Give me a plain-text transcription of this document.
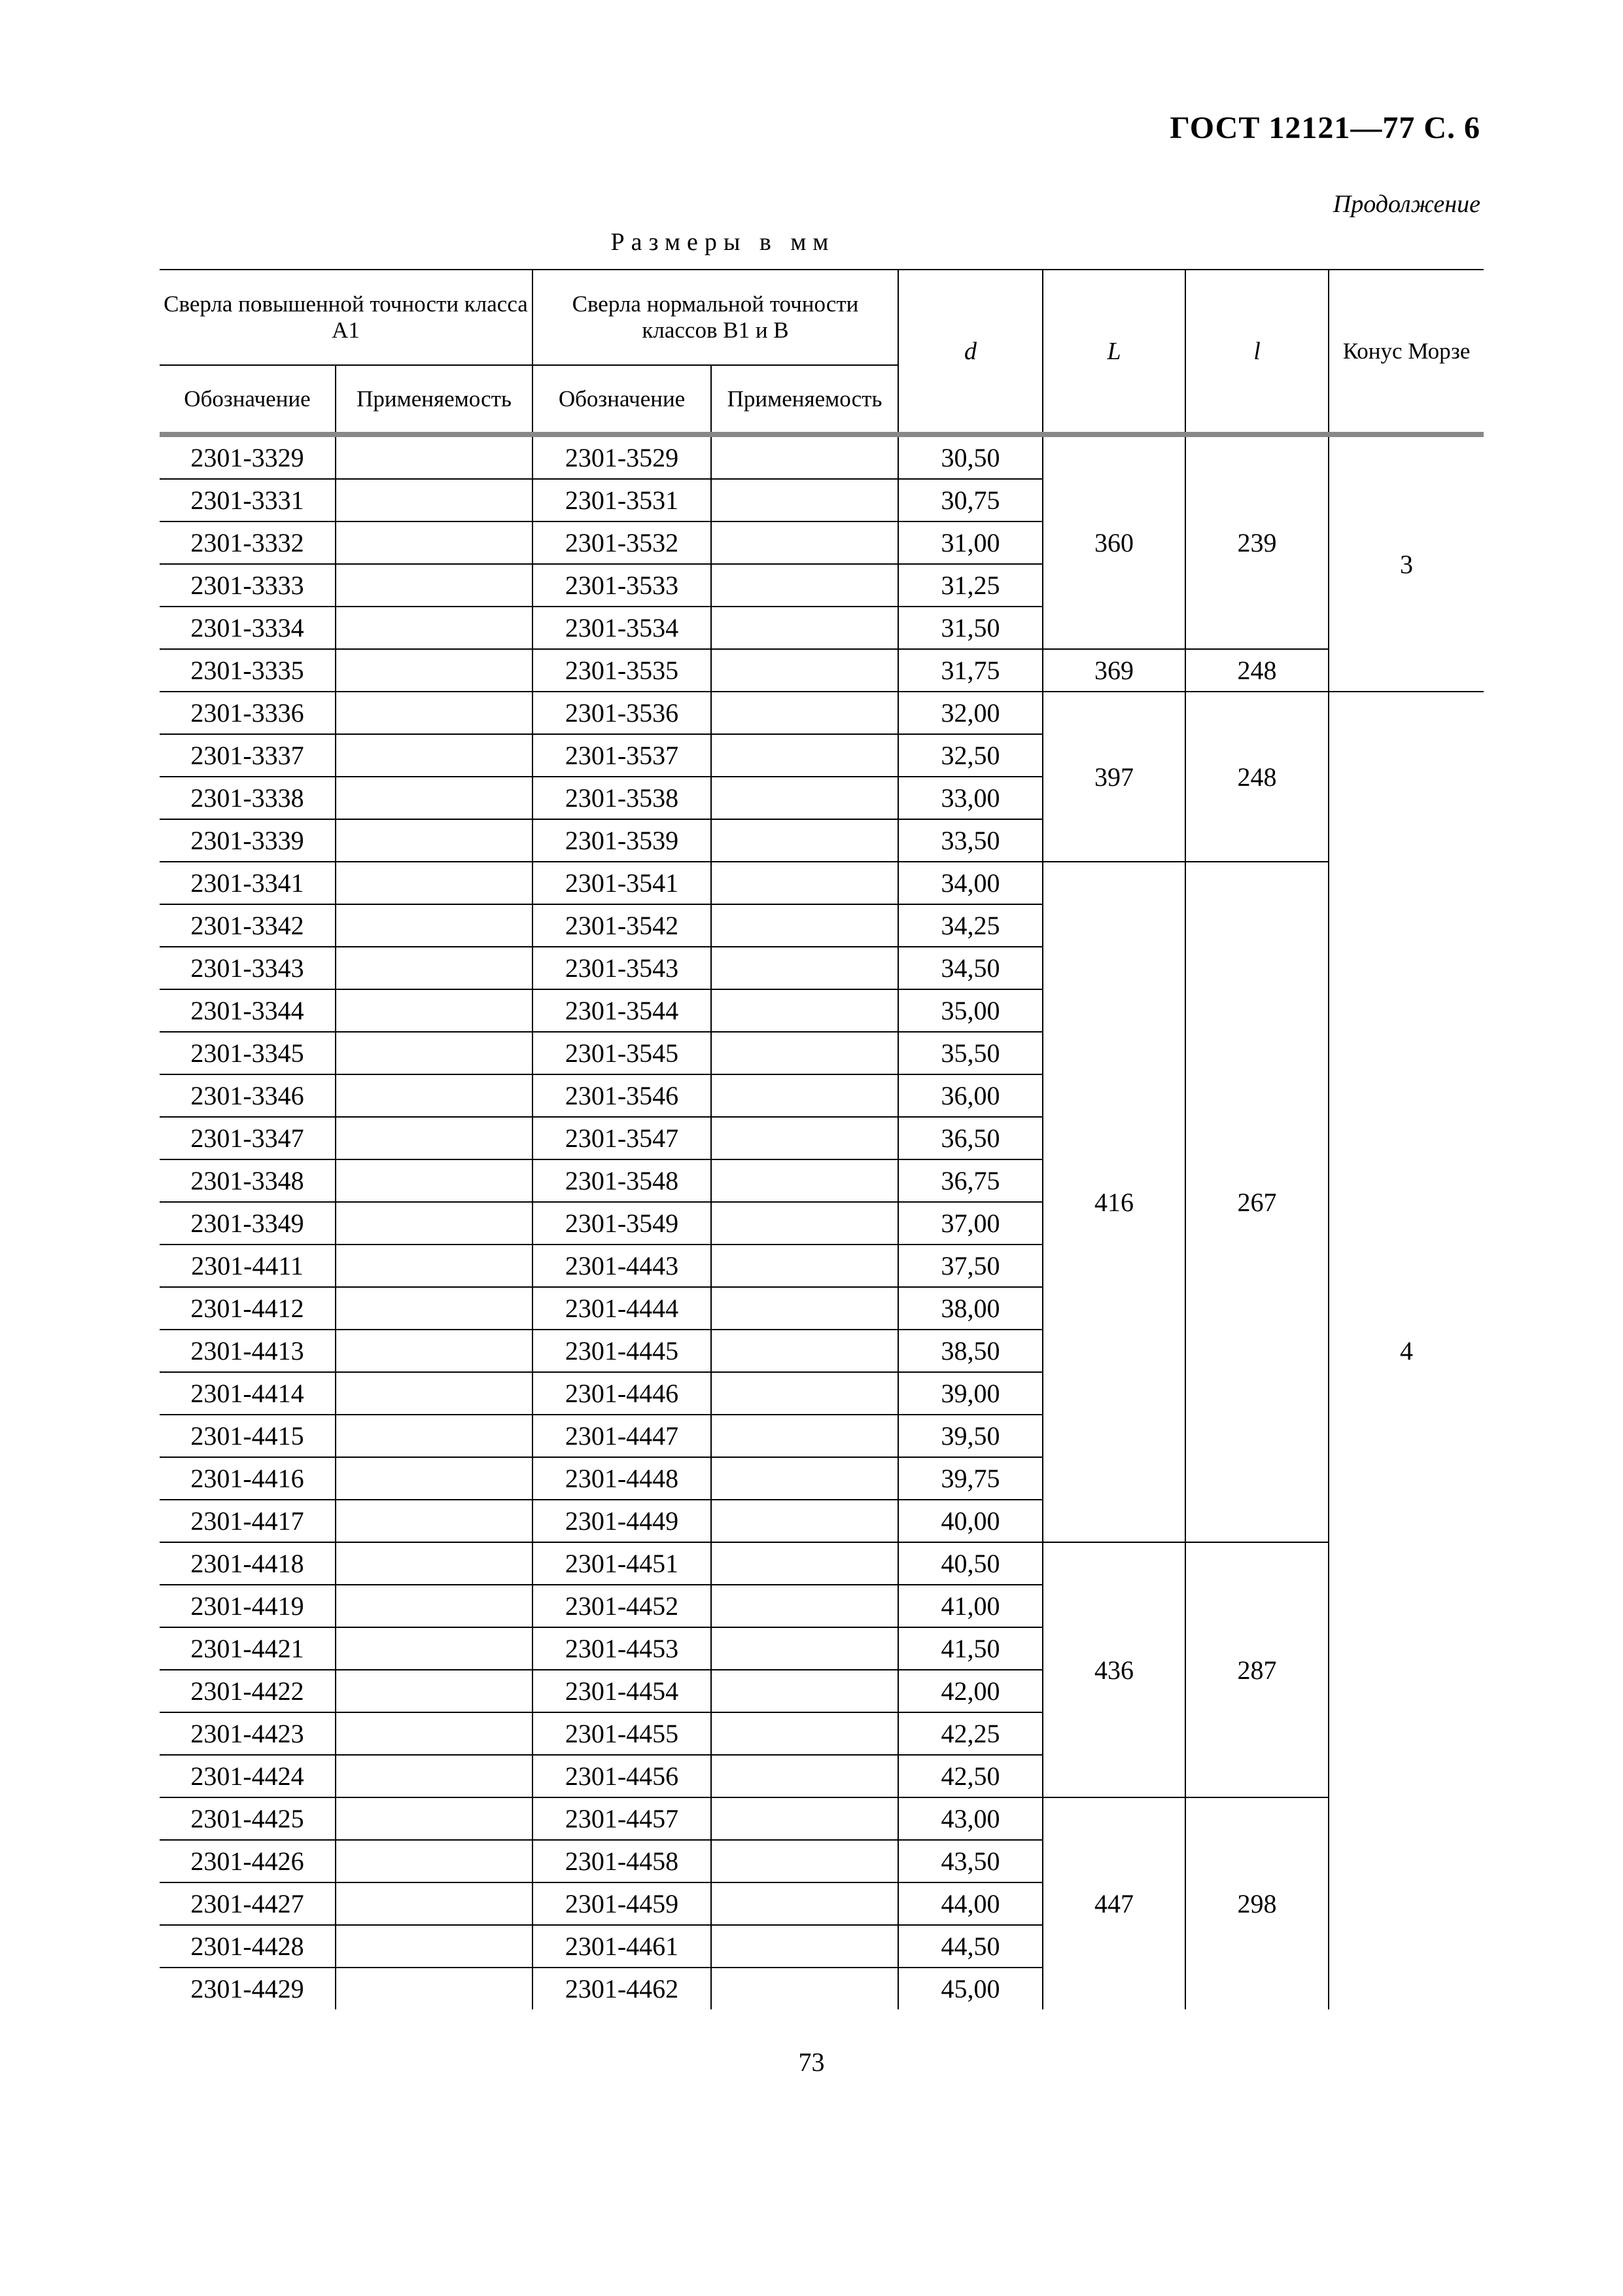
ГОСТ 12121—77 С. 6
Продолжение
Размеры в мм
Сверла повышенной точности класса А1		Сверла нормальной точности классов В1 и В		d	L	l	Конус Морзе
Обозначение	Применяемость	Обозначение	Применяемость				
2301-3329		2301-3529		30,50	360	239	3
2301-3331		2301-3531		30,75			
2301-3332		2301-3532		31,00			
2301-3333		2301-3533		31,25			
2301-3334		2301-3534		31,50			
2301-3335		2301-3535		31,75	369	248	
2301-3336		2301-3536		32,00	397	248	4
2301-3337		2301-3537		32,50			
2301-3338		2301-3538		33,00			
2301-3339		2301-3539		33,50			
2301-3341		2301-3541		34,00	416	267	
2301-3342		2301-3542		34,25			
2301-3343		2301-3543		34,50			
2301-3344		2301-3544		35,00			
2301-3345		2301-3545		35,50			
2301-3346		2301-3546		36,00			
2301-3347		2301-3547		36,50			
2301-3348		2301-3548		36,75			
2301-3349		2301-3549		37,00			
2301-4411		2301-4443		37,50			
2301-4412		2301-4444		38,00			
2301-4413		2301-4445		38,50			
2301-4414		2301-4446		39,00			
2301-4415		2301-4447		39,50			
2301-4416		2301-4448		39,75			
2301-4417		2301-4449		40,00			
2301-4418		2301-4451		40,50	436	287	
2301-4419		2301-4452		41,00			
2301-4421		2301-4453		41,50			
2301-4422		2301-4454		42,00			
2301-4423		2301-4455		42,25			
2301-4424		2301-4456		42,50			
2301-4425		2301-4457		43,00	447	298	
2301-4426		2301-4458		43,50			
2301-4427		2301-4459		44,00			
2301-4428		2301-4461		44,50			
2301-4429		2301-4462		45,00			
73
